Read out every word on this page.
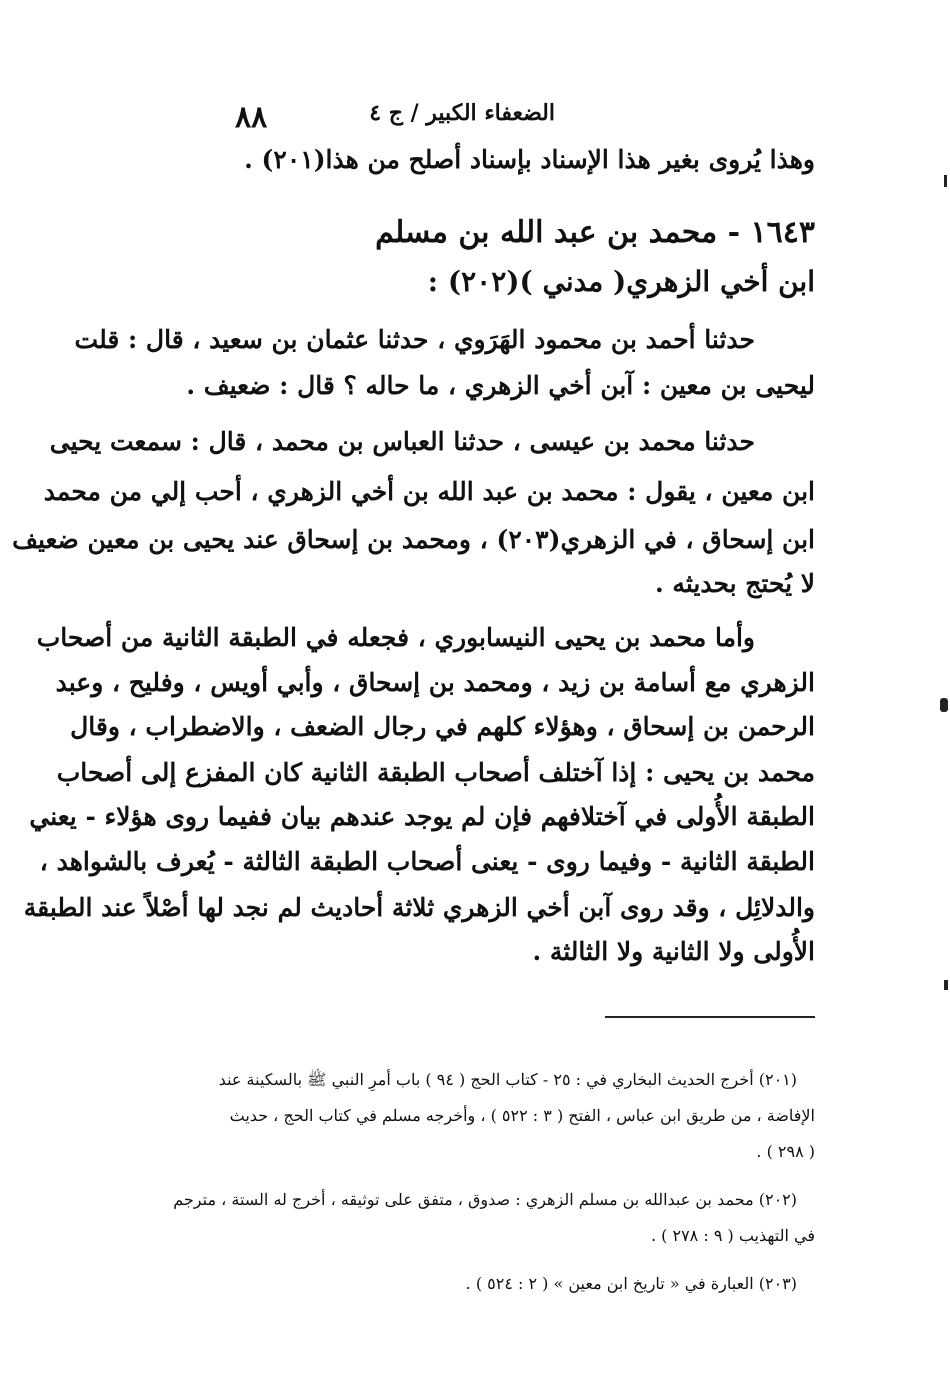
٨٨	الضعفاء الكبير / ج ٤
وهذا يُروى بغير هذا الإسناد بإسناد أصلح من هذا(٢٠١) .
١٦٤٣ - محمد بن عبد الله بن مسلم
ابن أخي الزهري( مدني )(٢٠٢) :
حدثنا أحمد بن محمود الهَرَوي ، حدثنا عثمان بن سعيد ، قال : قلت
ليحيى بن معين : آبن أخي الزهري ، ما حاله ؟ قال : ضعيف .
حدثنا محمد بن عيسى ، حدثنا العباس بن محمد ، قال : سمعت يحيى
ابن معين ، يقول : محمد بن عبد الله بن أخي الزهري ، أحب إلي من محمد
ابن إسحاق ، في الزهري(٢٠٣) ، ومحمد بن إسحاق عند يحيى بن معين ضعيف
لا يُحتج بحديثه .
وأما محمد بن يحيى النيسابوري ، فجعله في الطبقة الثانية من أصحاب
الزهري مع أسامة بن زيد ، ومحمد بن إسحاق ، وأبي أويس ، وفليح ، وعبد
الرحمن بن إسحاق ، وهؤلاء كلهم في رجال الضعف ، والاضطراب ، وقال
محمد بن يحيى : إذا آختلف أصحاب الطبقة الثانية كان المفزع إلى أصحاب
الطبقة الأُولى في آختلافهم فإن لم يوجد عندهم بيان ففيما روى هؤلاء - يعني
الطبقة الثانية - وفيما روى - يعنى أصحاب الطبقة الثالثة - يُعرف بالشواهد ،
والدلائِل ، وقد روى آبن أخي الزهري ثلاثة أحاديث لم نجد لها أصْلاً عند الطبقة
الأُولى ولا الثانية ولا الثالثة .
(٢٠١) أخرج الحديث البخاري في : ٢٥ - كتاب الحج ( ٩٤ ) باب أمرِ النبي ﷺ بالسكينة عند
الإفاضة ، من طريق ابن عباس ، الفتح ( ٣ : ٥٢٢ ) ، وأخرجه مسلم في كتاب الحج ، حديث
( ٢٩٨ ) .
(٢٠٢) محمد بن عبدالله بن مسلم الزهري : صدوق ، متفق على توثيقه ، أخرج له الستة ، مترجم
في التهذيب ( ٩ : ٢٧٨ ) .
(٢٠٣) العبارة في « تاريخ ابن معين » ( ٢ : ٥٢٤ ) .
